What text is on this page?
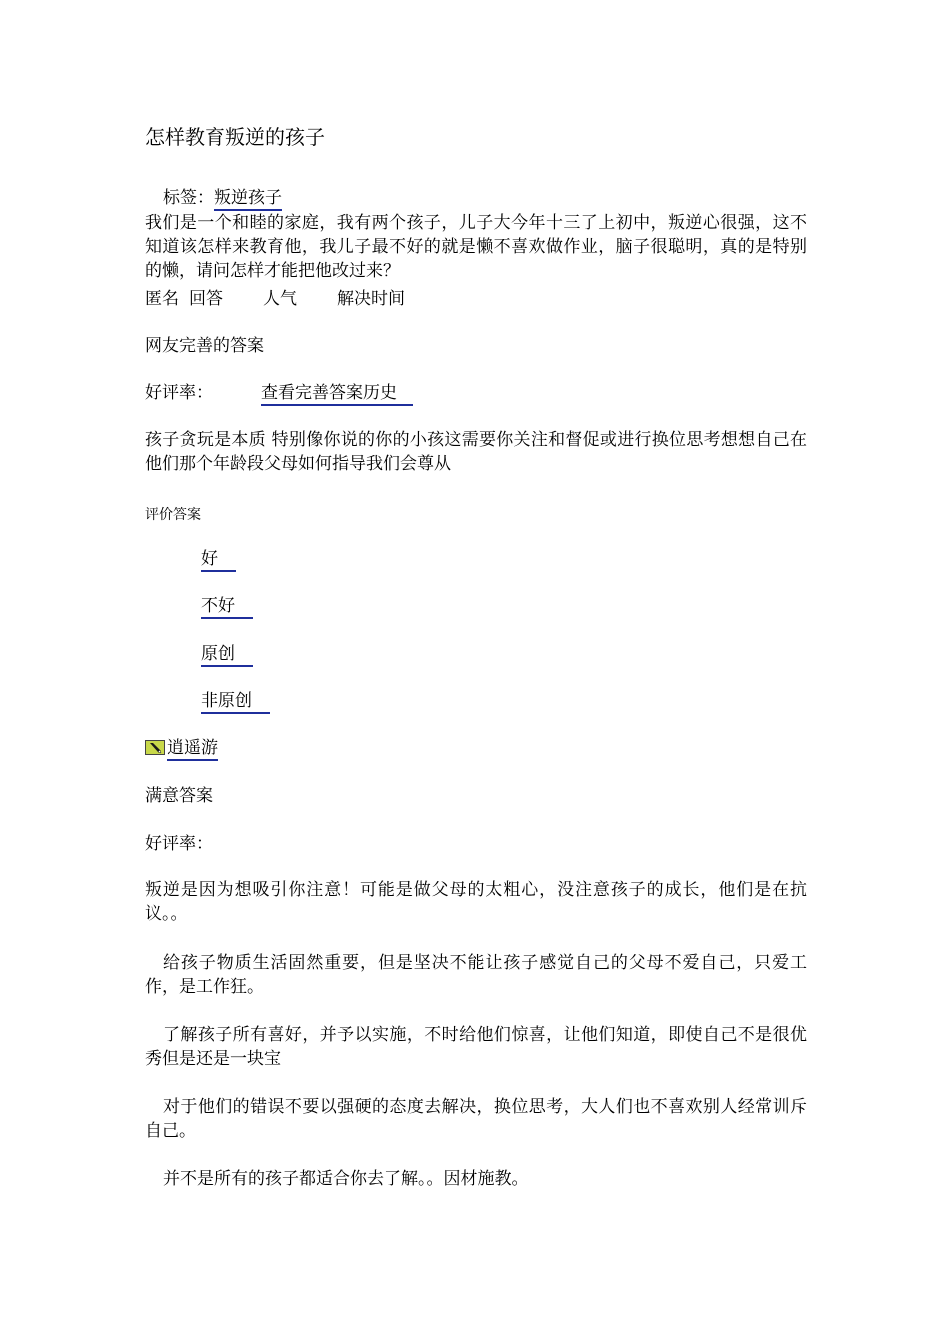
怎样教育叛逆的孩子
标签：叛逆孩子
我们是一个和睦的家庭，我有两个孩子，儿子大今年十三了上初中，叛逆心很强，这不知道该怎样来教育他，我儿子最不好的就是懒不喜欢做作业，脑子很聪明，真的是特别的懒，请问怎样才能把他改过来？
匿名 回答 人气 解决时间
网友完善的答案
好评率：	查看完善答案历史
孩子贪玩是本质 特别像你说的你的小孩这需要你关注和督促或进行换位思考想想自己在他们那个年龄段父母如何指导我们会尊从
评价答案
好
不好
原创
非原创
逍遥游
满意答案
好评率：
叛逆是因为想吸引你注意！可能是做父母的太粗心，没注意孩子的成长，他们是在抗议。。
给孩子物质生活固然重要，但是坚决不能让孩子感觉自己的父母不爱自己，只爱工作，是工作狂。
了解孩子所有喜好，并予以实施，不时给他们惊喜，让他们知道，即使自己不是很优秀但是还是一块宝
对于他们的错误不要以强硬的态度去解决，换位思考，大人们也不喜欢别人经常训斥自己。
并不是所有的孩子都适合你去了解。。因材施教。
